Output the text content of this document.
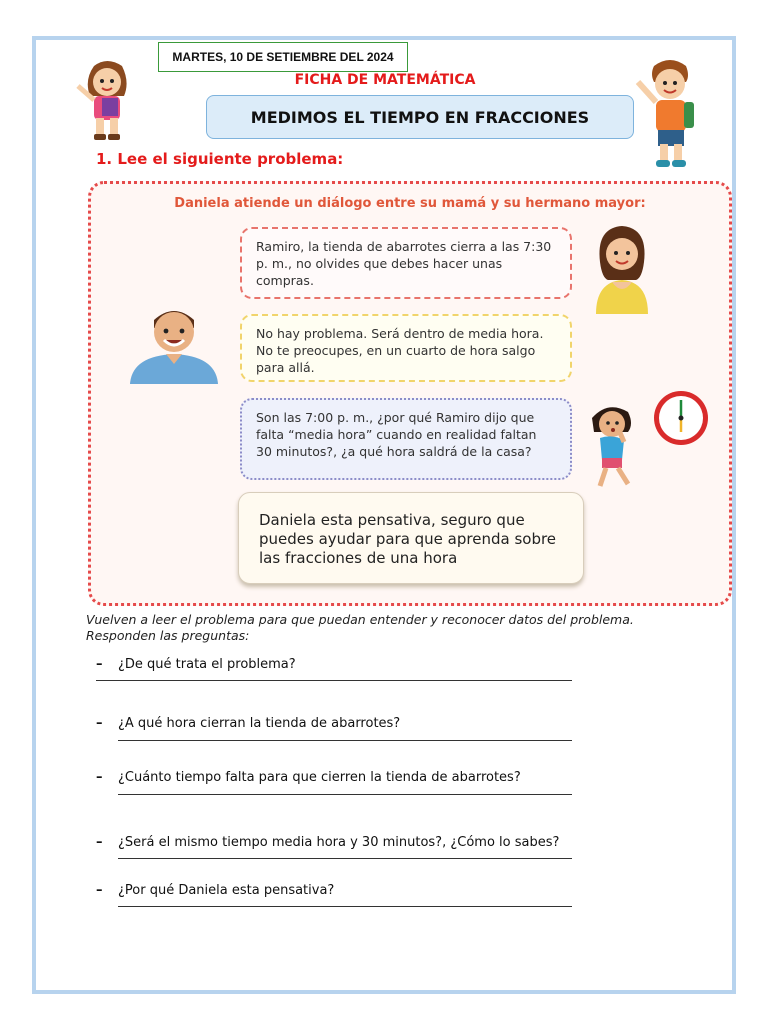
MARTES, 10 DE SETIEMBRE DEL 2024
FICHA DE MATEMÁTICA
MEDIMOS EL TIEMPO EN FRACCIONES
1. Lee el siguiente problema:
Daniela atiende un diálogo entre su mamá y su hermano mayor:
Ramiro, la tienda de abarrotes cierra a las 7:30 p. m., no olvides que debes hacer unas compras.
No hay problema. Será dentro de media hora. No te preocupes, en un cuarto de hora salgo para allá.
Son las 7:00 p. m., ¿por qué Ramiro dijo que falta “media hora” cuando en realidad faltan 30 minutos?, ¿a qué hora saldrá de la casa?
Daniela esta pensativa, seguro que puedes ayudar para que aprenda sobre las fracciones de una hora
Vuelven a leer el problema para que puedan entender y reconocer datos del problema. Responden las preguntas:
– ¿De qué trata el problema?
– ¿A qué hora cierran la tienda de abarrotes?
– ¿Cuánto tiempo falta para que cierren la tienda de abarrotes?
– ¿Será el mismo tiempo media hora y 30 minutos?, ¿Cómo lo sabes?
– ¿Por qué Daniela esta pensativa?
